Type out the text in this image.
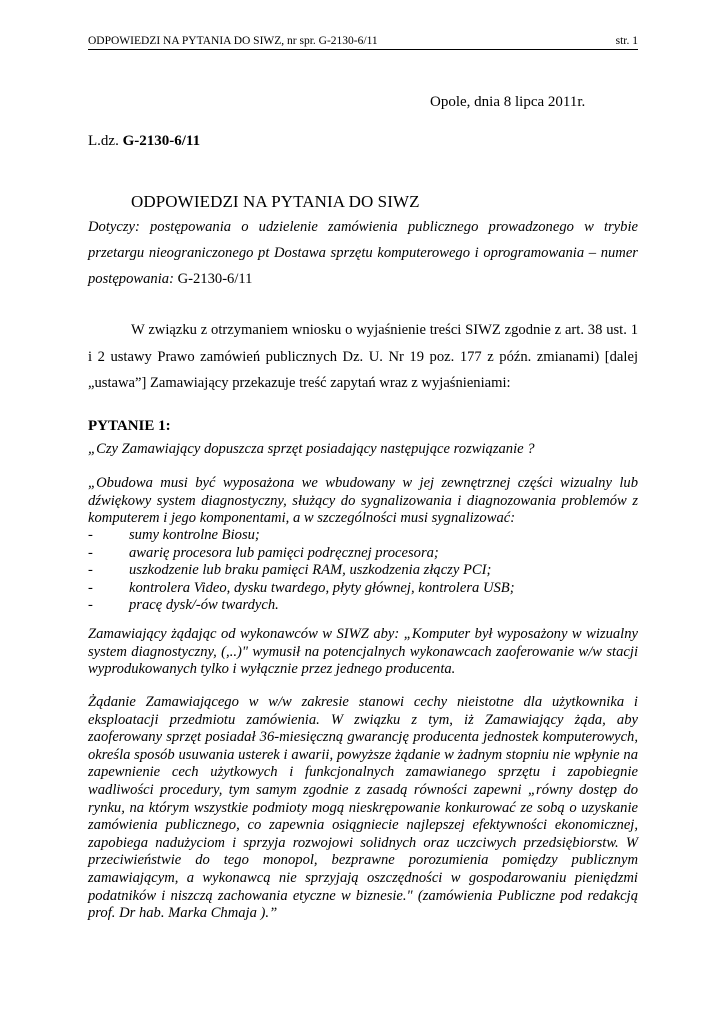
ODPOWIEDZI NA PYTANIA DO SIWZ, nr spr. G-2130-6/11	str. 1
Opole, dnia 8 lipca 2011r.
L.dz. G-2130-6/11
ODPOWIEDZI NA PYTANIA DO SIWZ
Dotyczy: postępowania o udzielenie zamówienia publicznego prowadzonego w trybie przetargu nieograniczonego pt Dostawa sprzętu komputerowego i oprogramowania – numer postępowania: G-2130-6/11
W związku z otrzymaniem wniosku o wyjaśnienie treści SIWZ zgodnie z art. 38 ust. 1 i 2 ustawy Prawo zamówień publicznych Dz. U. Nr 19 poz. 177 z późn. zmianami) [dalej „ustawa”] Zamawiający przekazuje treść zapytań wraz z wyjaśnieniami:
PYTANIE 1:
„Czy Zamawiający dopuszcza sprzęt posiadający następujące rozwiązanie ?
„Obudowa musi być wyposażona we wbudowany w jej zewnętrznej części wizualny lub dźwiękowy system diagnostyczny, służący do sygnalizowania i diagnozowania problemów z komputerem i jego komponentami, a w szczególności musi sygnalizować:
- sumy kontrolne Biosu;
- awarię procesora lub pamięci podręcznej procesora;
- uszkodzenie lub braku pamięci RAM, uszkodzenia złączy PCI;
- kontrolera Video, dysku twardego, płyty głównej, kontrolera USB;
- pracę dysk/-ów twardych.
Zamawiający żądając od wykonawców w SIWZ aby: „Komputer był wyposażony w wizualny system diagnostyczny, (,..)" wymusił na potencjalnych wykonawcach zaoferowanie w/w stacji wyprodukowanych tylko i wyłącznie przez jednego producenta.
Żądanie Zamawiającego w w/w zakresie stanowi cechy nieistotne dla użytkownika i eksploatacji przedmiotu zamówienia. W związku z tym, iż Zamawiający żąda, aby zaoferowany sprzęt posiadał 36-miesięczną gwarancję producenta jednostek komputerowych, określa sposób usuwania usterek i awarii, powyższe żądanie w żadnym stopniu nie wpłynie na zapewnienie cech użytkowych i funkcjonalnych zamawianego sprzętu i zapobiegnie wadliwości procedury, tym samym zgodnie z zasadą równości zapewni „równy dostęp do rynku, na którym wszystkie podmioty mogą nieskrępowanie konkurować ze sobą o uzyskanie zamówienia publicznego, co zapewnia osiągniecie najlepszej efektywności ekonomicznej, zapobiega nadużyciom i sprzyja rozwojowi solidnych oraz uczciwych przedsiębiorstw. W przeciwieństwie do tego monopol, bezprawne porozumienia pomiędzy publicznym zamawiającym, a wykonawcą nie sprzyjają oszczędności w gospodarowaniu pieniędzmi podatników i niszczą zachowania etyczne w biznesie." (zamówienia Publiczne pod redakcją prof. Dr hab. Marka Chmaja ).”
